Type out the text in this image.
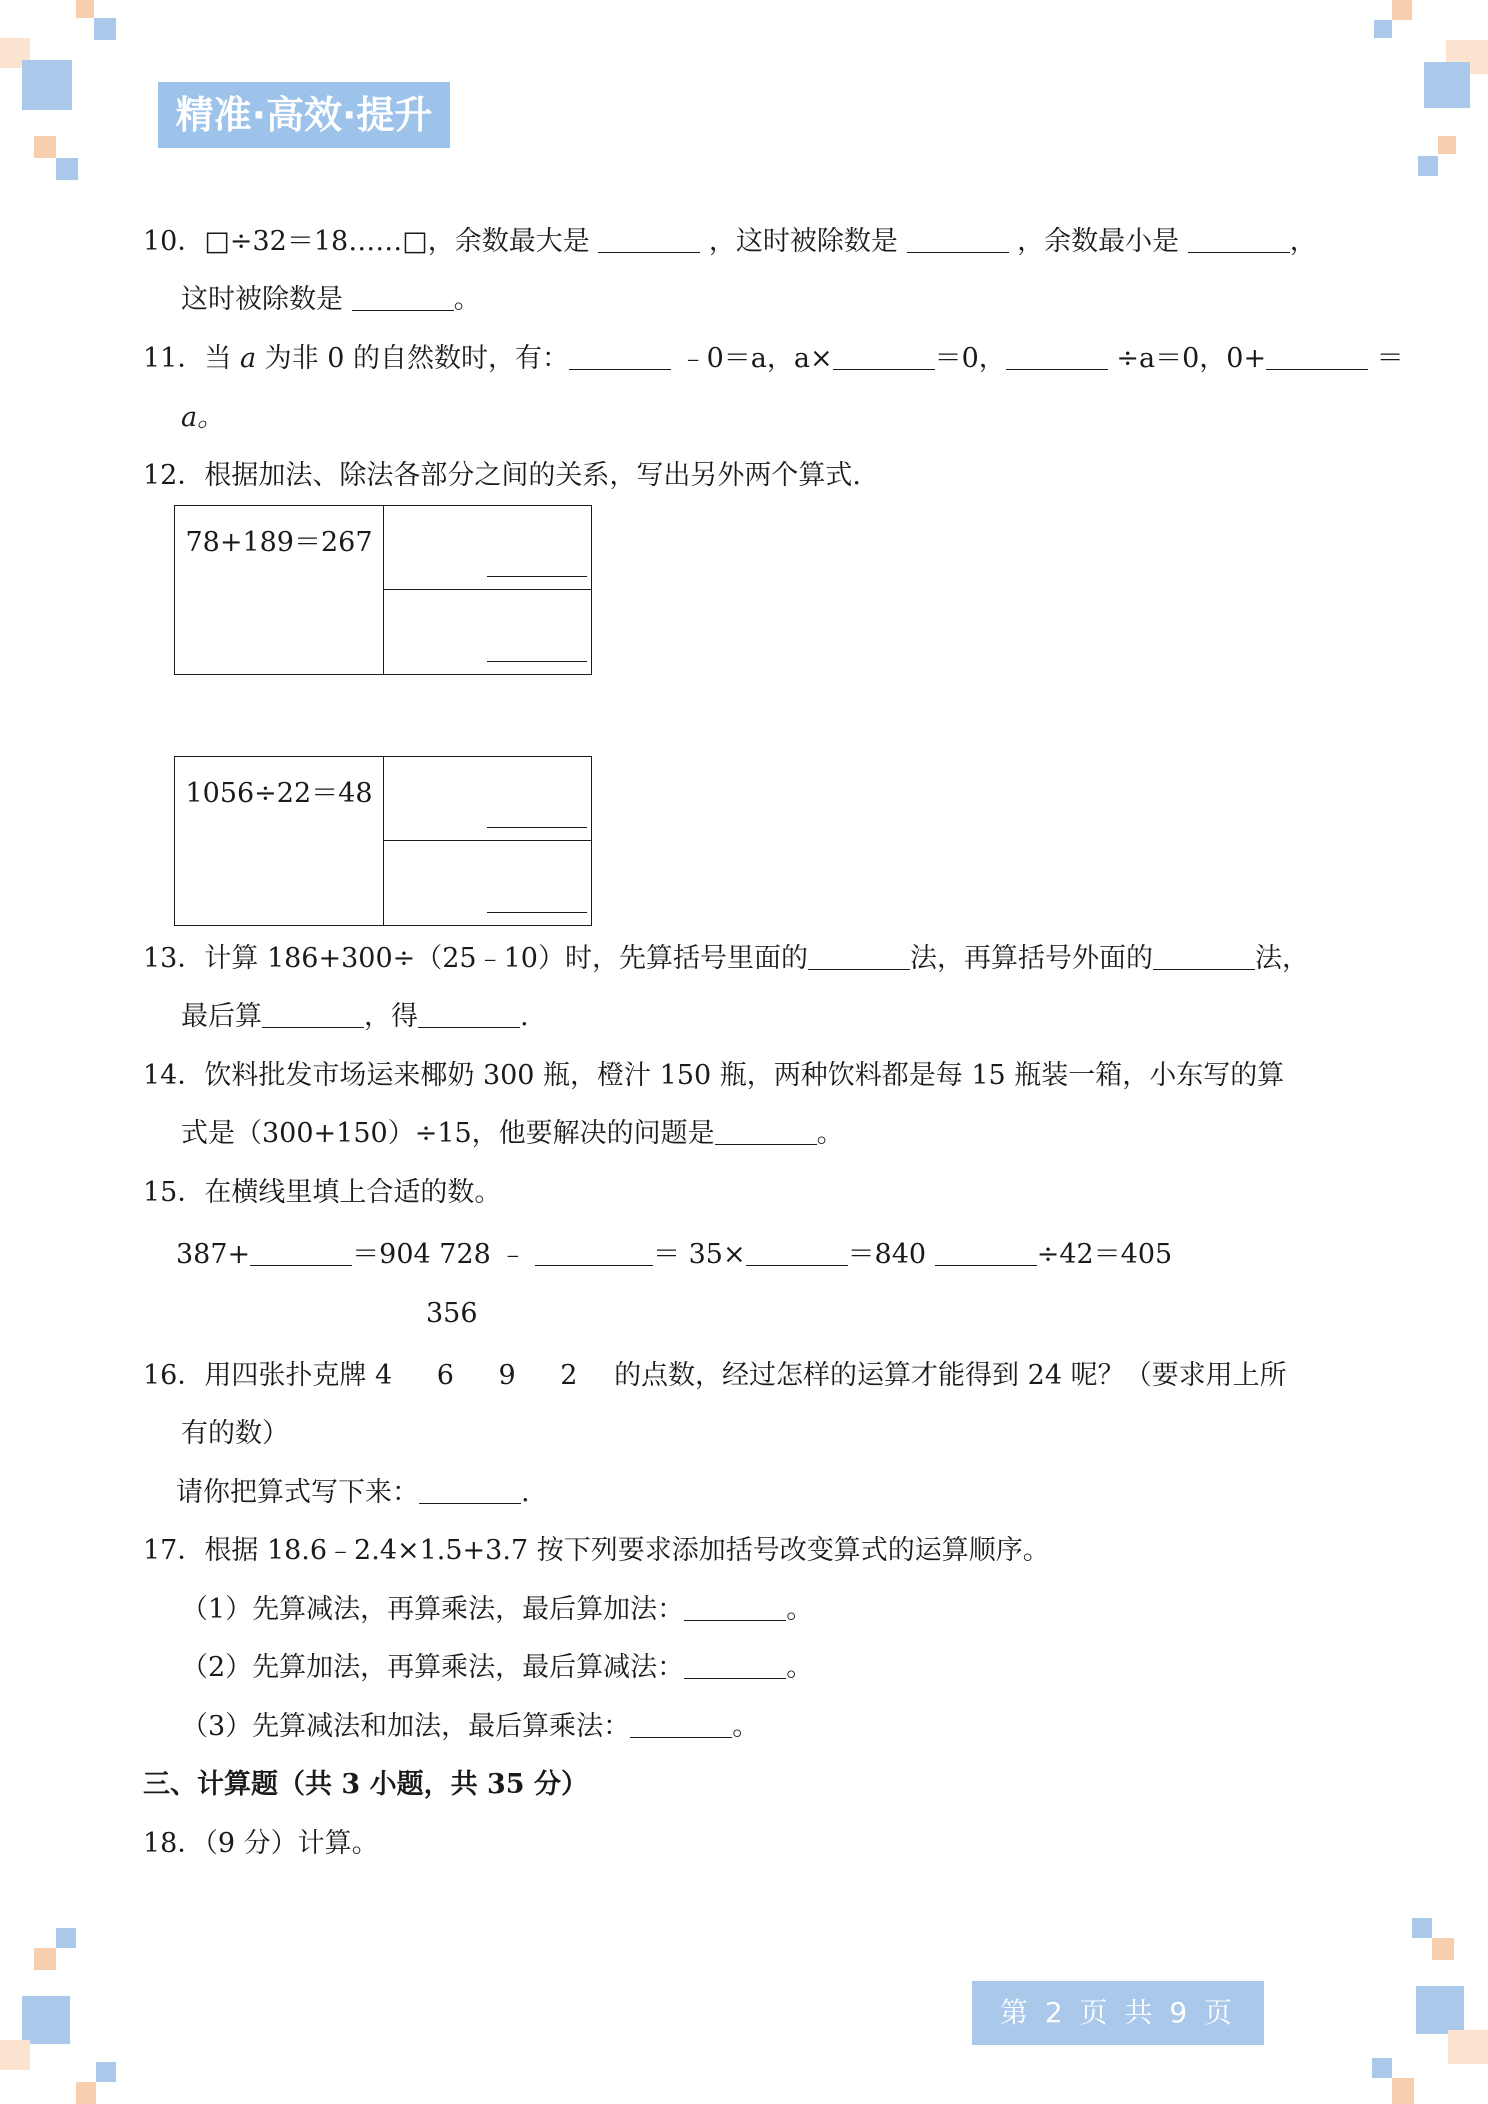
精准·高效·提升
10．□÷32＝18……□，余数最大是	，这时被除数是	，余数最小是	，
这时被除数是	。
11．当 a 为非 0 的自然数时，有：	﹣0＝a，a×	＝0，	÷a＝0，0+	＝
a。
12．根据加法、除法各部分之间的关系，写出另外两个算式.
78+189＝267
1056÷22＝48
13．计算 186+300÷（25﹣10）时，先算括号里面的	法，再算括号外面的	法，
最后算	，得	.
14．饮料批发市场运来椰奶 300 瓶，橙汁 150 瓶，两种饮料都是每 15 瓶装一箱，小东写的算
式是（300+150）÷15，他要解决的问题是	。
15．在横线里填上合适的数。
387+	＝904 728 ﹣	＝ 35×	＝840	÷42＝405
356
16．用四张扑克牌 4 6 9 2 的点数，经过怎样的运算才能得到 24 呢？（要求用上所
有的数）
请你把算式写下来：	.
17．根据 18.6﹣2.4×1.5+3.7 按下列要求添加括号改变算式的运算顺序。
（1）先算减法，再算乘法，最后算加法：	。
（2）先算加法，再算乘法，最后算减法：	。
（3）先算减法和加法，最后算乘法：	。
三、计算题（共 3 小题，共 35 分）
18．（9 分）计算。
第 2 页 共 9 页
